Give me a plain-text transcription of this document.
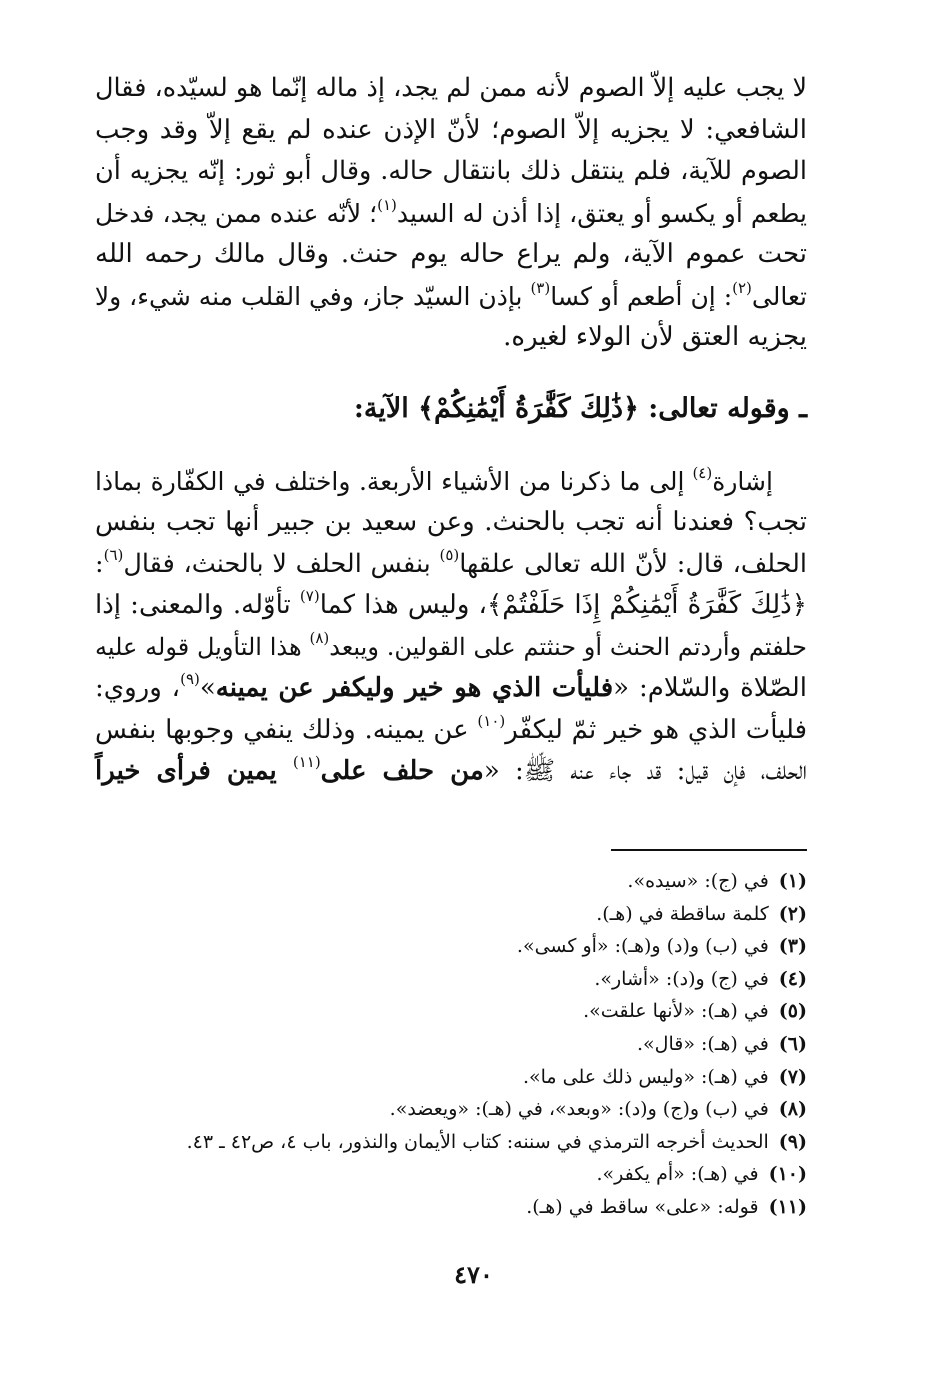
لا يجب عليه إلاّ الصوم لأنه ممن لم يجد، إذ ماله إنّما هو لسيّده، فقال

الشافعي: لا يجزيه إلاّ الصوم؛ لأنّ الإذن عنده لم يقع إلاّ وقد وجب

الصوم للآية، فلم ينتقل ذلك بانتقال حاله. وقال أبو ثور: إنّه يجزيه أن

يطعم أو يكسو أو يعتق، إذا أذن له السيد$^{(١)}$؛ لأنّه عنده ممن يجد، فدخل

تحت عموم الآية، ولم يراع حاله يوم حنث. وقال مالك رحمه الله

تعالى$^{(٢)}$: إن أطعم أو كسا$^{(٣)}$ بإذن السيّد جاز، وفي القلب منه شيء، ولا

يجزيه العتق لأن الولاء لغيره.

ـ وقوله تعالى: ﴿ذَٰلِكَ كَفَّٰرَةُ أَيْمَٰنِكُمْ﴾ الآية:

إشارة$^{(٤)}$ إلى ما ذكرنا من الأشياء الأربعة. واختلف في الكفّارة بماذا

تجب؟ فعندنا أنه تجب بالحنث. وعن سعيد بن جبير أنها تجب بنفس

الحلف، قال: لأنّ الله تعالى علقها$^{(٥)}$ بنفس الحلف لا بالحنث، فقال$^{(٦)}$:

﴿ذَٰلِكَ كَفَّٰرَةُ أَيْمَٰنِكُمْ إِذَا حَلَفْتُمْ﴾، وليس هذا كما$^{(٧)}$ تأوّله. والمعنى: إذا

حلفتم وأردتم الحنث أو حنثتم على القولين. ويبعد$^{(٨)}$ هذا التأويل قوله عليه

الصّلاة والسّلام: «فليأت الذي هو خير وليكفر عن يمينه»$^{(٩)}$، وروي:

فليأت الذي هو خير ثمّ ليكفّر$^{(١٠)}$ عن يمينه. وذلك ينفي وجوبها بنفس

الحلف، فإن قيل: قد جاء عنه ﷺ: «من حلف على$^{(١١)}$ يمين فرأى خيراً

(١)في (ج): «سيده».
(٢)كلمة ساقطة في (هـ).
(٣)في (ب) و(د) و(هـ): «أو كسى».
(٤)في (ج) و(د): «أشار».
(٥)في (هـ): «لأنها علقت».
(٦)في (هـ): «قال».
(٧)في (هـ): «وليس ذلك على ما».
(٨)في (ب) و(ج) و(د): «وبعد»، في (هـ): «ويعضد».
(٩)الحديث أخرجه الترمذي في سننه: كتاب الأيمان والنذور، باب ٤، ص٤٢ ـ ٤٣.
(١٠)في (هـ): «أم يكفر».
(١١)قوله: «على» ساقط في (هـ).
٤٧٠
